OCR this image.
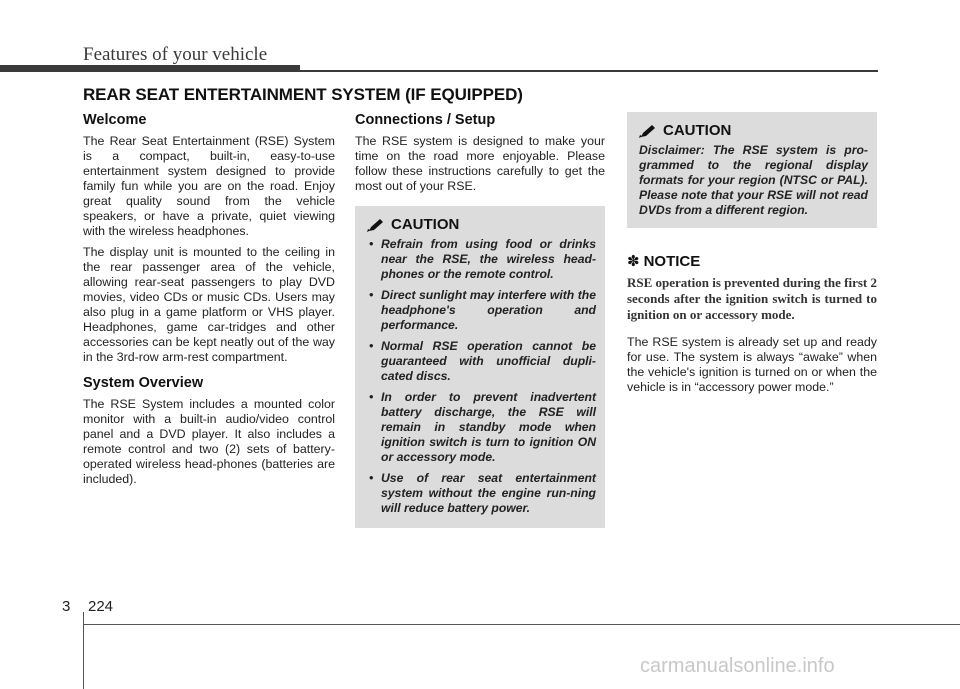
Features of your vehicle
REAR SEAT ENTERTAINMENT SYSTEM (IF EQUIPPED)
Welcome

The Rear Seat Entertainment (RSE) System is a compact, built-in, easy-to-use entertainment system designed to provide family fun while you are on the road. Enjoy great quality sound from the vehicle speakers, or have a private, quiet viewing with the wireless headphones.

The display unit is mounted to the ceiling in the rear passenger area of the vehicle, allowing rear-seat passengers to play DVD movies, video CDs or music CDs. Users may also plug in a game platform or VHS player. Headphones, game car-tridges and other accessories can be kept neatly out of the way in the 3rd-row arm-rest compartment.

System Overview

The RSE System includes a mounted color monitor with a built-in audio/video control panel and a DVD player. It also includes a remote control and two (2) sets of battery-operated wireless head-phones (batteries are included).

Connections / Setup

The RSE system is designed to make your time on the road more enjoyable. Please follow these instructions carefully to get the most out of your RSE.

CAUTION
• Refrain from using food or drinks near the RSE, the wireless head-phones or the remote control.
• Direct sunlight may interfere with the headphone's operation and performance.
• Normal RSE operation cannot be guaranteed with unofficial dupli-cated discs.
• In order to prevent inadvertent battery discharge, the RSE will remain in standby mode when ignition switch is turn to ignition ON or accessory mode.
• Use of rear seat entertainment system without the engine run-ning will reduce battery power.
CAUTION

Disclaimer: The RSE system is pro-grammed to the regional display formats for your region (NTSC or PAL). Please note that your RSE will not read DVDs from a different region.

✽ NOTICE

RSE operation is prevented during the first 2 seconds after the ignition switch is turned to ignition on or accessory mode.

The RSE system is already set up and ready for use. The system is always “awake” when the vehicle's ignition is turned on or when the vehicle is in “accessory power mode.”

3 224
carmanualsonline.info
